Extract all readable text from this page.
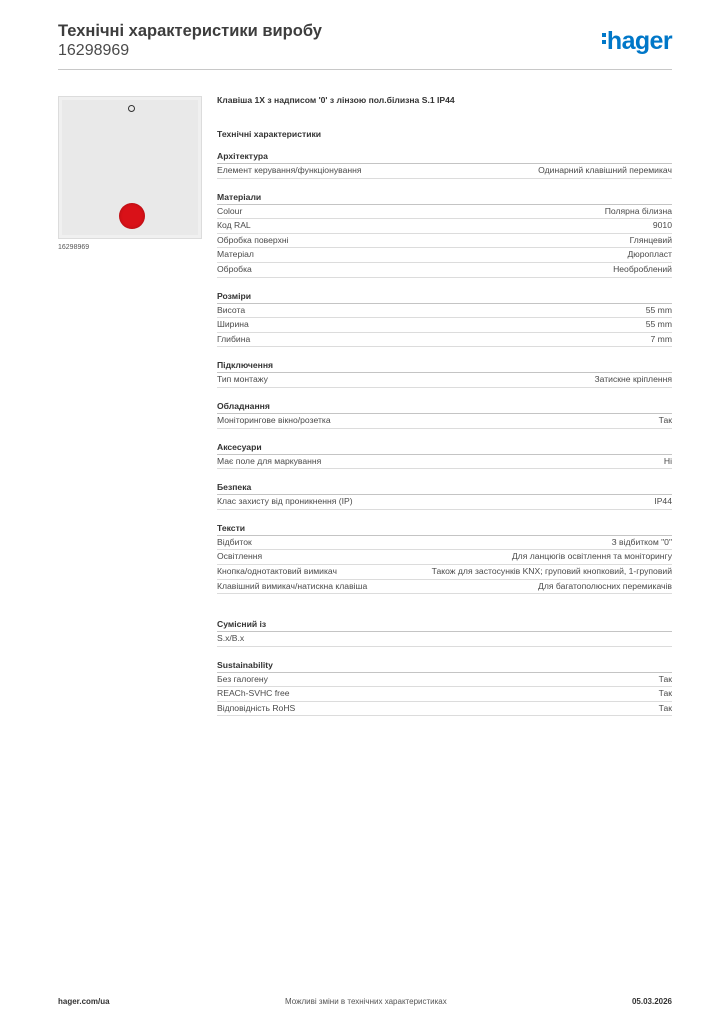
Технічні характеристики виробу
16298969	hager
16298969
Клавіша 1X з надписом '0' з лінзою пол.білизна S.1 IP44
Технічні характеристики
Архітектура
Елемент керування/функціонування	Одинарний клавішний перемикач
Матеріали
Colour	Полярна білизна
Код RAL	9010
Обробка поверхні	Глянцевий
Матеріал	Дюропласт
Обробка	Необроблений
Розміри
Висота	55 mm
Ширина	55 mm
Глибина	7 mm
Підключення
Тип монтажу	Затискне кріплення
Обладнання
Моніторингове вікно/розетка	Так
Аксесуари
Має поле для маркування	Ні
Безпека
Клас захисту від проникнення (IP)	IP44
Тексти
Відбиток	З відбитком "0"
Освітлення	Для ланцюгів освітлення та моніторингу
Кнопка/однотактовий вимикач	Також для застосунків KNX; груповий кнопковий, 1-груповий
Клавішний вимикач/натискна клавіша	Для багатополюсних перемикачів
Сумісний із
S.x/B.x
Sustainability
Без галогену	Так
REACh-SVHC free	Так
Відповідність RoHS	Так
hager.com/ua	Можливі зміни в технічних характеристиках	05.03.2026
